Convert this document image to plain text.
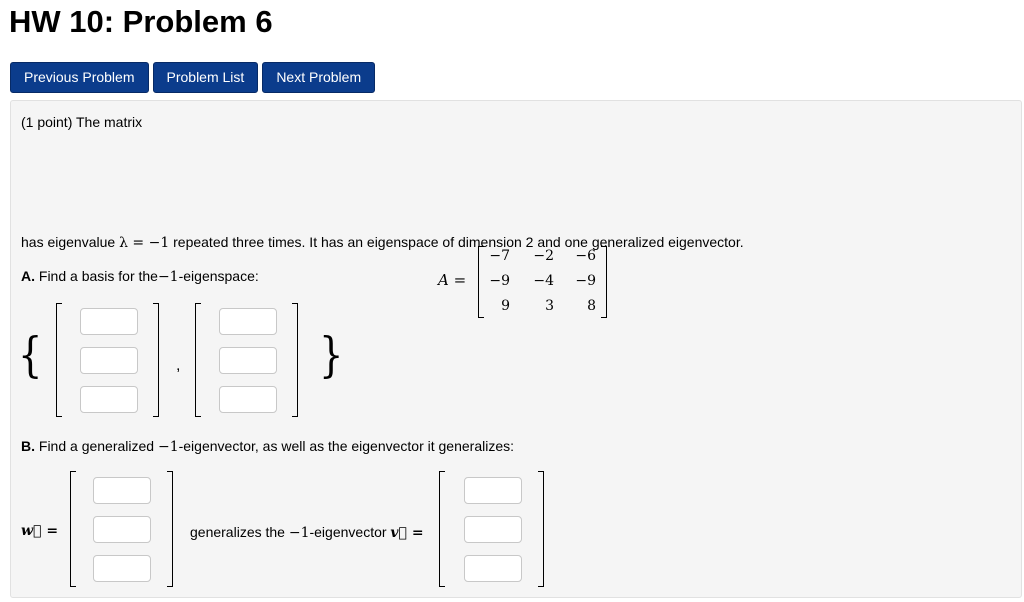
HW 10: Problem 6
Previous Problem	Problem List	Next Problem
(1 point) The matrix
A =
−7	−2	−6
−9	−4	−9
9	3	8
has eigenvalue λ = −1 repeated three times. It has an eigenspace of dimension 2 and one generalized eigenvector.
A. Find a basis for the−1-eigenspace:
{	,	}
B. Find a generalized −1-eigenvector, as well as the eigenvector it generalizes:
w⃗ =	generalizes the −1-eigenvector v⃗ =
